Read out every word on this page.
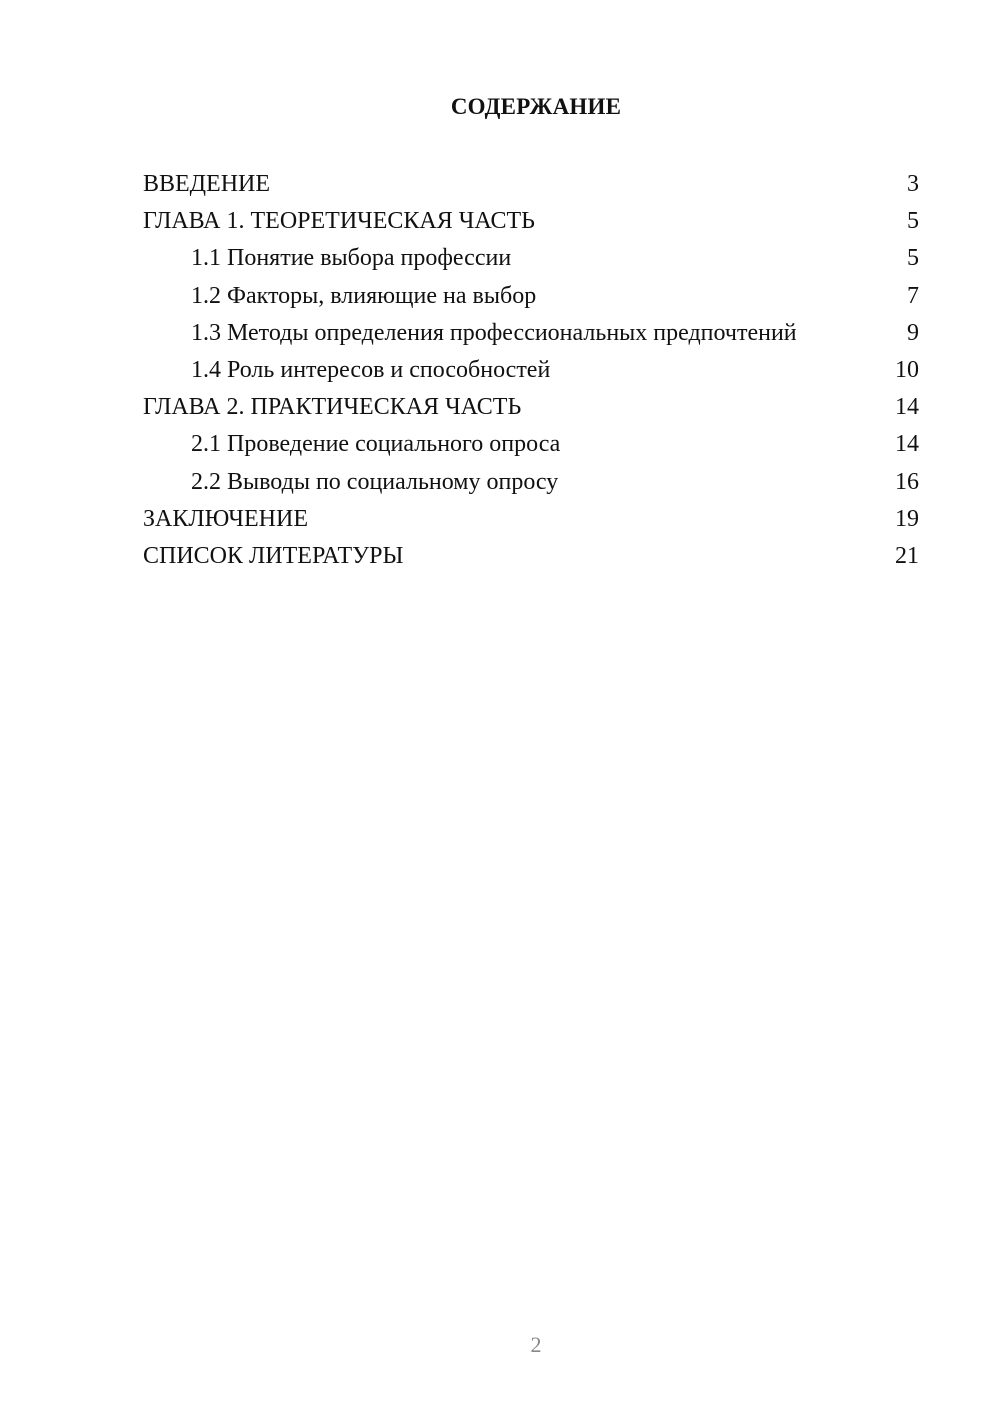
СОДЕРЖАНИЕ
ВВЕДЕНИЕ	3
ГЛАВА 1. ТЕОРЕТИЧЕСКАЯ ЧАСТЬ	5
1.1 Понятие выбора профессии	5
1.2 Факторы, влияющие на выбор	7
1.3 Методы определения профессиональных предпочтений	9
1.4 Роль интересов и способностей	10
ГЛАВА 2. ПРАКТИЧЕСКАЯ ЧАСТЬ	14
2.1 Проведение социального опроса	14
2.2 Выводы по социальному опросу	16
ЗАКЛЮЧЕНИЕ	19
СПИСОК ЛИТЕРАТУРЫ	21
2
